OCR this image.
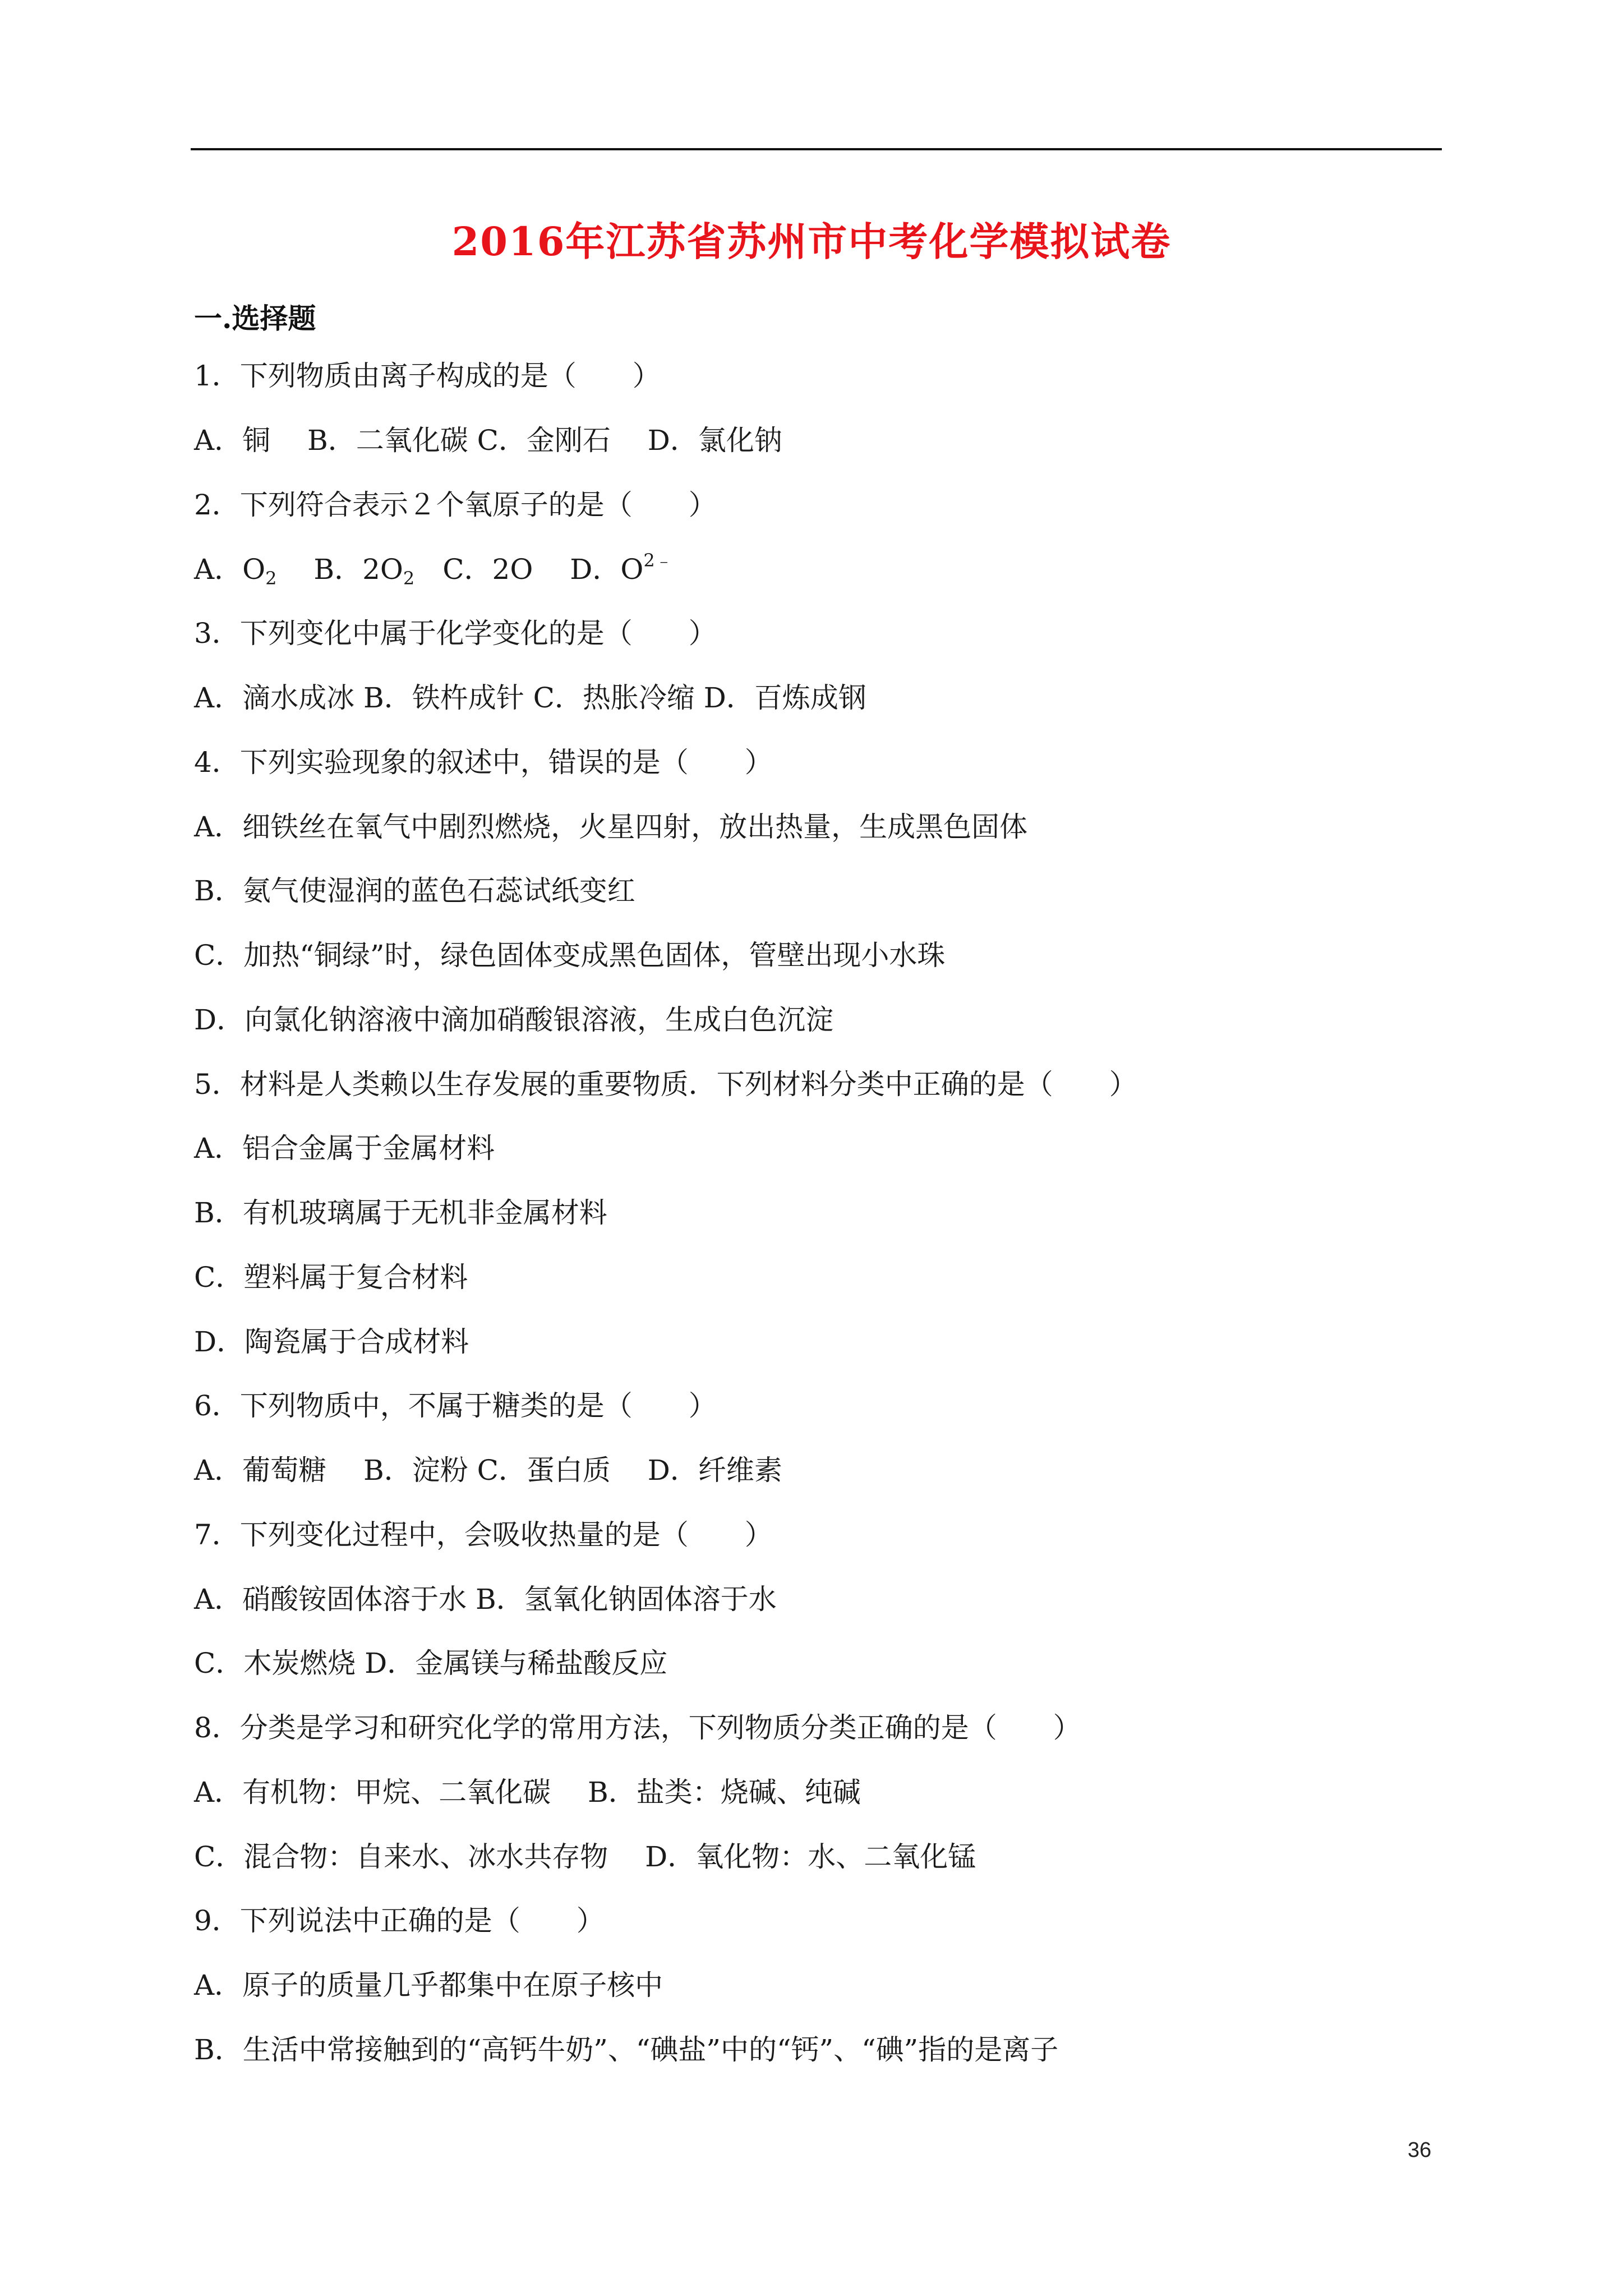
2016年江苏省苏州市中考化学模拟试卷
一.选择题
1．下列物质由离子构成的是（　　）
A．铜　 B．二氧化碳 C．金刚石　 D．氯化钠
2．下列符合表示２个氧原子的是（　　）
A．$O_2$　 B．$2O_2$　C．2O　 D．$O^{2﹣}$
3．下列变化中属于化学变化的是（　　）
A．滴水成冰 B．铁杵成针 C．热胀冷缩 D．百炼成钢
4．下列实验现象的叙述中，错误的是（　　）
A．细铁丝在氧气中剧烈燃烧，火星四射，放出热量，生成黑色固体
B．氨气使湿润的蓝色石蕊试纸变红
C．加热“铜绿”时，绿色固体变成黑色固体，管壁出现小水珠
D．向氯化钠溶液中滴加硝酸银溶液，生成白色沉淀
5．材料是人类赖以生存发展的重要物质．下列材料分类中正确的是（　　）
A．铝合金属于金属材料
B．有机玻璃属于无机非金属材料
C．塑料属于复合材料
D．陶瓷属于合成材料
6．下列物质中，不属于糖类的是（　　）
A．葡萄糖　 B．淀粉 C．蛋白质　 D．纤维素
7．下列变化过程中，会吸收热量的是（　　）
A．硝酸铵固体溶于水 B．氢氧化钠固体溶于水
C．木炭燃烧 D．金属镁与稀盐酸反应
8．分类是学习和研究化学的常用方法，下列物质分类正确的是（　　）
A．有机物：甲烷、二氧化碳　 B．盐类：烧碱、纯碱
C．混合物：自来水、冰水共存物　 D．氧化物：水、二氧化锰
9．下列说法中正确的是（　　）
A．原子的质量几乎都集中在原子核中
B．生活中常接触到的“高钙牛奶”、“碘盐”中的“钙”、“碘”指的是离子
36
